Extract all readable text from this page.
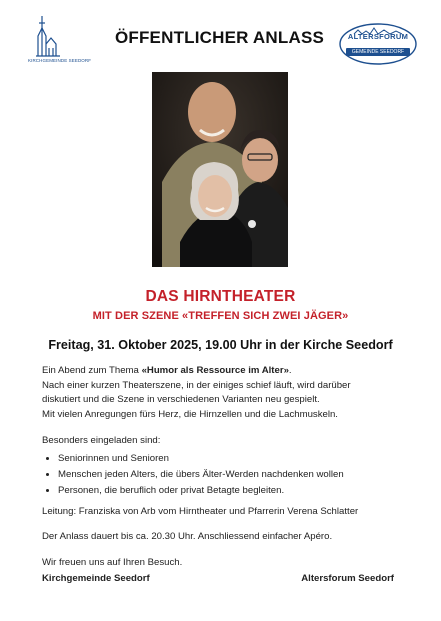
KIRCHGEMEINDE SEEDORF
ÖFFENTLICHER ANLASS	ALTERSFORUM
GEMEINDE SEEDORF
DAS HIRNTHEATER
MIT DER SZENE «TREFFEN SICH ZWEI JÄGER»
Freitag, 31. Oktober 2025, 19.00 Uhr in der Kirche Seedorf
Ein Abend zum Thema «Humor als Ressource im Alter».
Nach einer kurzen Theaterszene, in der einiges schief läuft, wird darüber
diskutiert und die Szene in verschiedenen Varianten neu gespielt.
Mit vielen Anregungen fürs Herz, die Hirnzellen und die Lachmuskeln.
Besonders eingeladen sind:
• Seniorinnen und Senioren
• Menschen jeden Alters, die übers Älter-Werden nachdenken wollen
• Personen, die beruflich oder privat Betagte begleiten.
Leitung: Franziska von Arb vom Hirntheater und Pfarrerin Verena Schlatter
Der Anlass dauert bis ca. 20.30 Uhr. Anschliessend einfacher Apéro.
Wir freuen uns auf Ihren Besuch.
Kirchgemeinde Seedorf	Altersforum Seedorf
